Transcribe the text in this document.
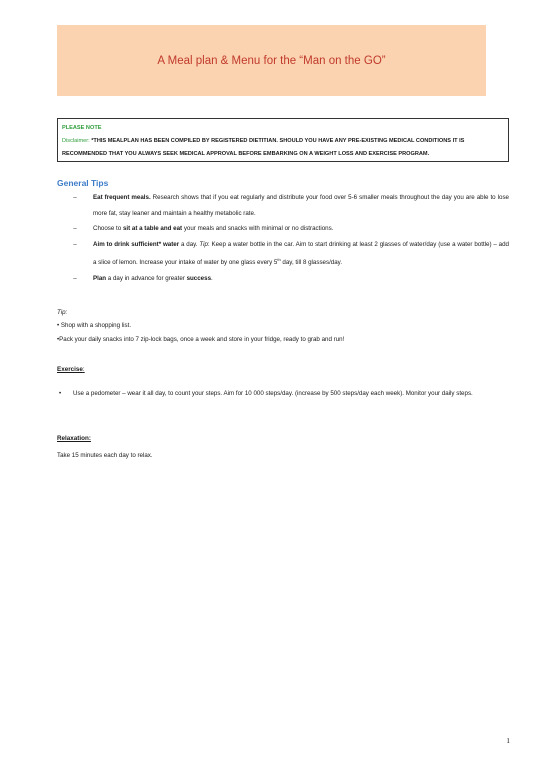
A Meal plan & Menu for the “Man on the GO”
PLEASE NOTE
Disclaimer: *THIS MEALPLAN HAS BEEN COMPILED BY REGISTERED DIETITIAN. SHOULD YOU HAVE ANY PRE-EXISTING MEDICAL CONDITIONS IT IS RECOMMENDED THAT YOU ALWAYS SEEK MEDICAL APPROVAL BEFORE EMBARKING ON A WEIGHT LOSS AND EXERCISE PROGRAM.
General Tips
–	Eat frequent meals. Research shows that if you eat regularly and distribute your food over 5-6 smaller meals throughout the day you are able to lose more fat, stay leaner and maintain a healthy metabolic rate.
–	Choose to sit at a table and eat your meals and snacks with minimal or no distractions.
–	Aim to drink sufficient* water a day. Tip: Keep a water bottle in the car. Aim to start drinking at least 2 glasses of water/day (use a water bottle) – add a slice of lemon. Increase your intake of water by one glass every 5th day, till 8 glasses/day.
–	Plan a day in advance for greater success.
Tip:
• Shop with a shopping list.
•Pack your daily snacks into 7 zip-lock bags, once a week and store in your fridge, ready to grab and run!
Exercise:
• Use a pedometer – wear it all day, to count your steps. Aim for 10 000 steps/day. (increase by 500 steps/day each week). Monitor your daily steps.
Relaxation:
Take 15 minutes each day to relax.
1
